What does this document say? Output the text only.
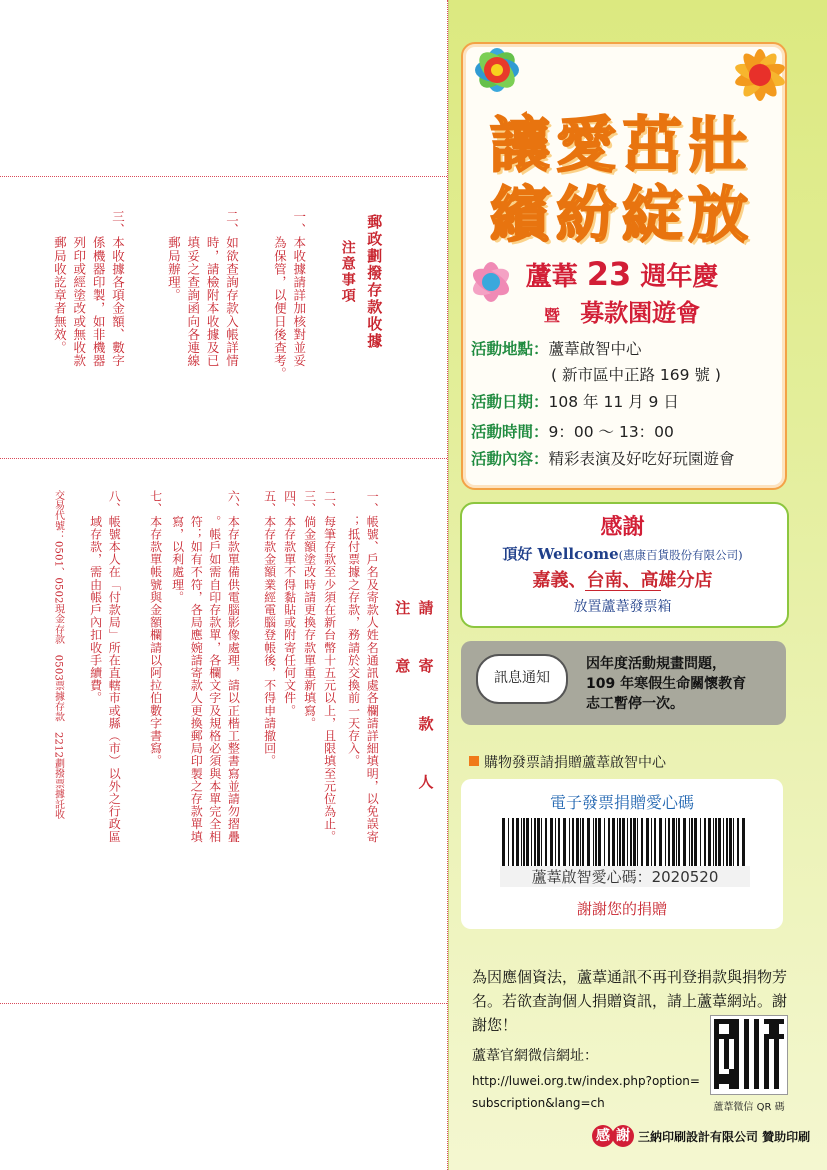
郵政劃撥存款收據
注意事項
一、本收據請詳加核對並妥
　　為保管，以便日後查考。
二、如欲查詢存款入帳詳情
　　時，請檢附本收據及已
　　填妥之查詢函向各連線
　　郵局辦理。
三、本收據各項金額、數字
　　係機器印製，如非機器
　　列印或經塗改或無收款
　　郵局收訖章者無效。
請　寄　款　人　注　意
一、帳號、戶名及寄款人姓名通訊處各欄請詳細填明，以免誤寄
　　；抵付票據之存款，務請於交換前一天存入。
二、每筆存款至少須在新台幣十五元以上，且限填至元位為止。
三、倘金額塗改時請更換存款單重新填寫。
四、本存款單不得黏貼或附寄任何文件。
五、本存款金額業經電腦登帳後，不得申請撤回。
六、本存款單備供電腦影像處理，請以正楷工整書寫並請勿摺疊
　　。帳戶如需自印存款單，各欄文字及規格必須與本單完全相
　　符；如有不符，各局應婉請寄款人更換郵局印製之存款單填
　　寫，以利處理。
七、本存款單帳號與金額欄請以阿拉伯數字書寫。
八、帳號本人在「付款局」所在直轄市或縣（市）以外之行政區
　　域存款，需由帳戶內扣收手續費。
交易代號：0501、0502現金存款　0503票據存款　2212劃撥票據託收
讓愛茁壯
繽紛綻放
蘆葦 23 週年慶
暨 募款園遊會
活動地點：蘆葦啟智中心
( 新市區中正路 169 號 )
活動日期：108 年 11 月 9 日
活動時間：9：00 ～ 13：00
活動內容：精彩表演及好吃好玩園遊會
感謝
頂好 Wellcome(惠康百貨股份有限公司)
嘉義、台南、高雄分店
放置蘆葦發票箱
訊息通知
因年度活動規畫問題，
109 年寒假生命關懷教育
志工暫停一次。
購物發票請捐贈蘆葦啟智中心
電子發票捐贈愛心碼
蘆葦啟智愛心碼：2020520
謝謝您的捐贈
為因應個資法，蘆葦通訊不再刊登捐款與捐物芳名。若欲查詢個人捐贈資訊，請上蘆葦網站。謝謝您！
蘆葦官網微信網址：
http://luwei.org.tw/index.php?option=
subscription&lang=ch	蘆葦微信 QR 碼
感 謝 三納印刷設計有限公司 贊助印刷
